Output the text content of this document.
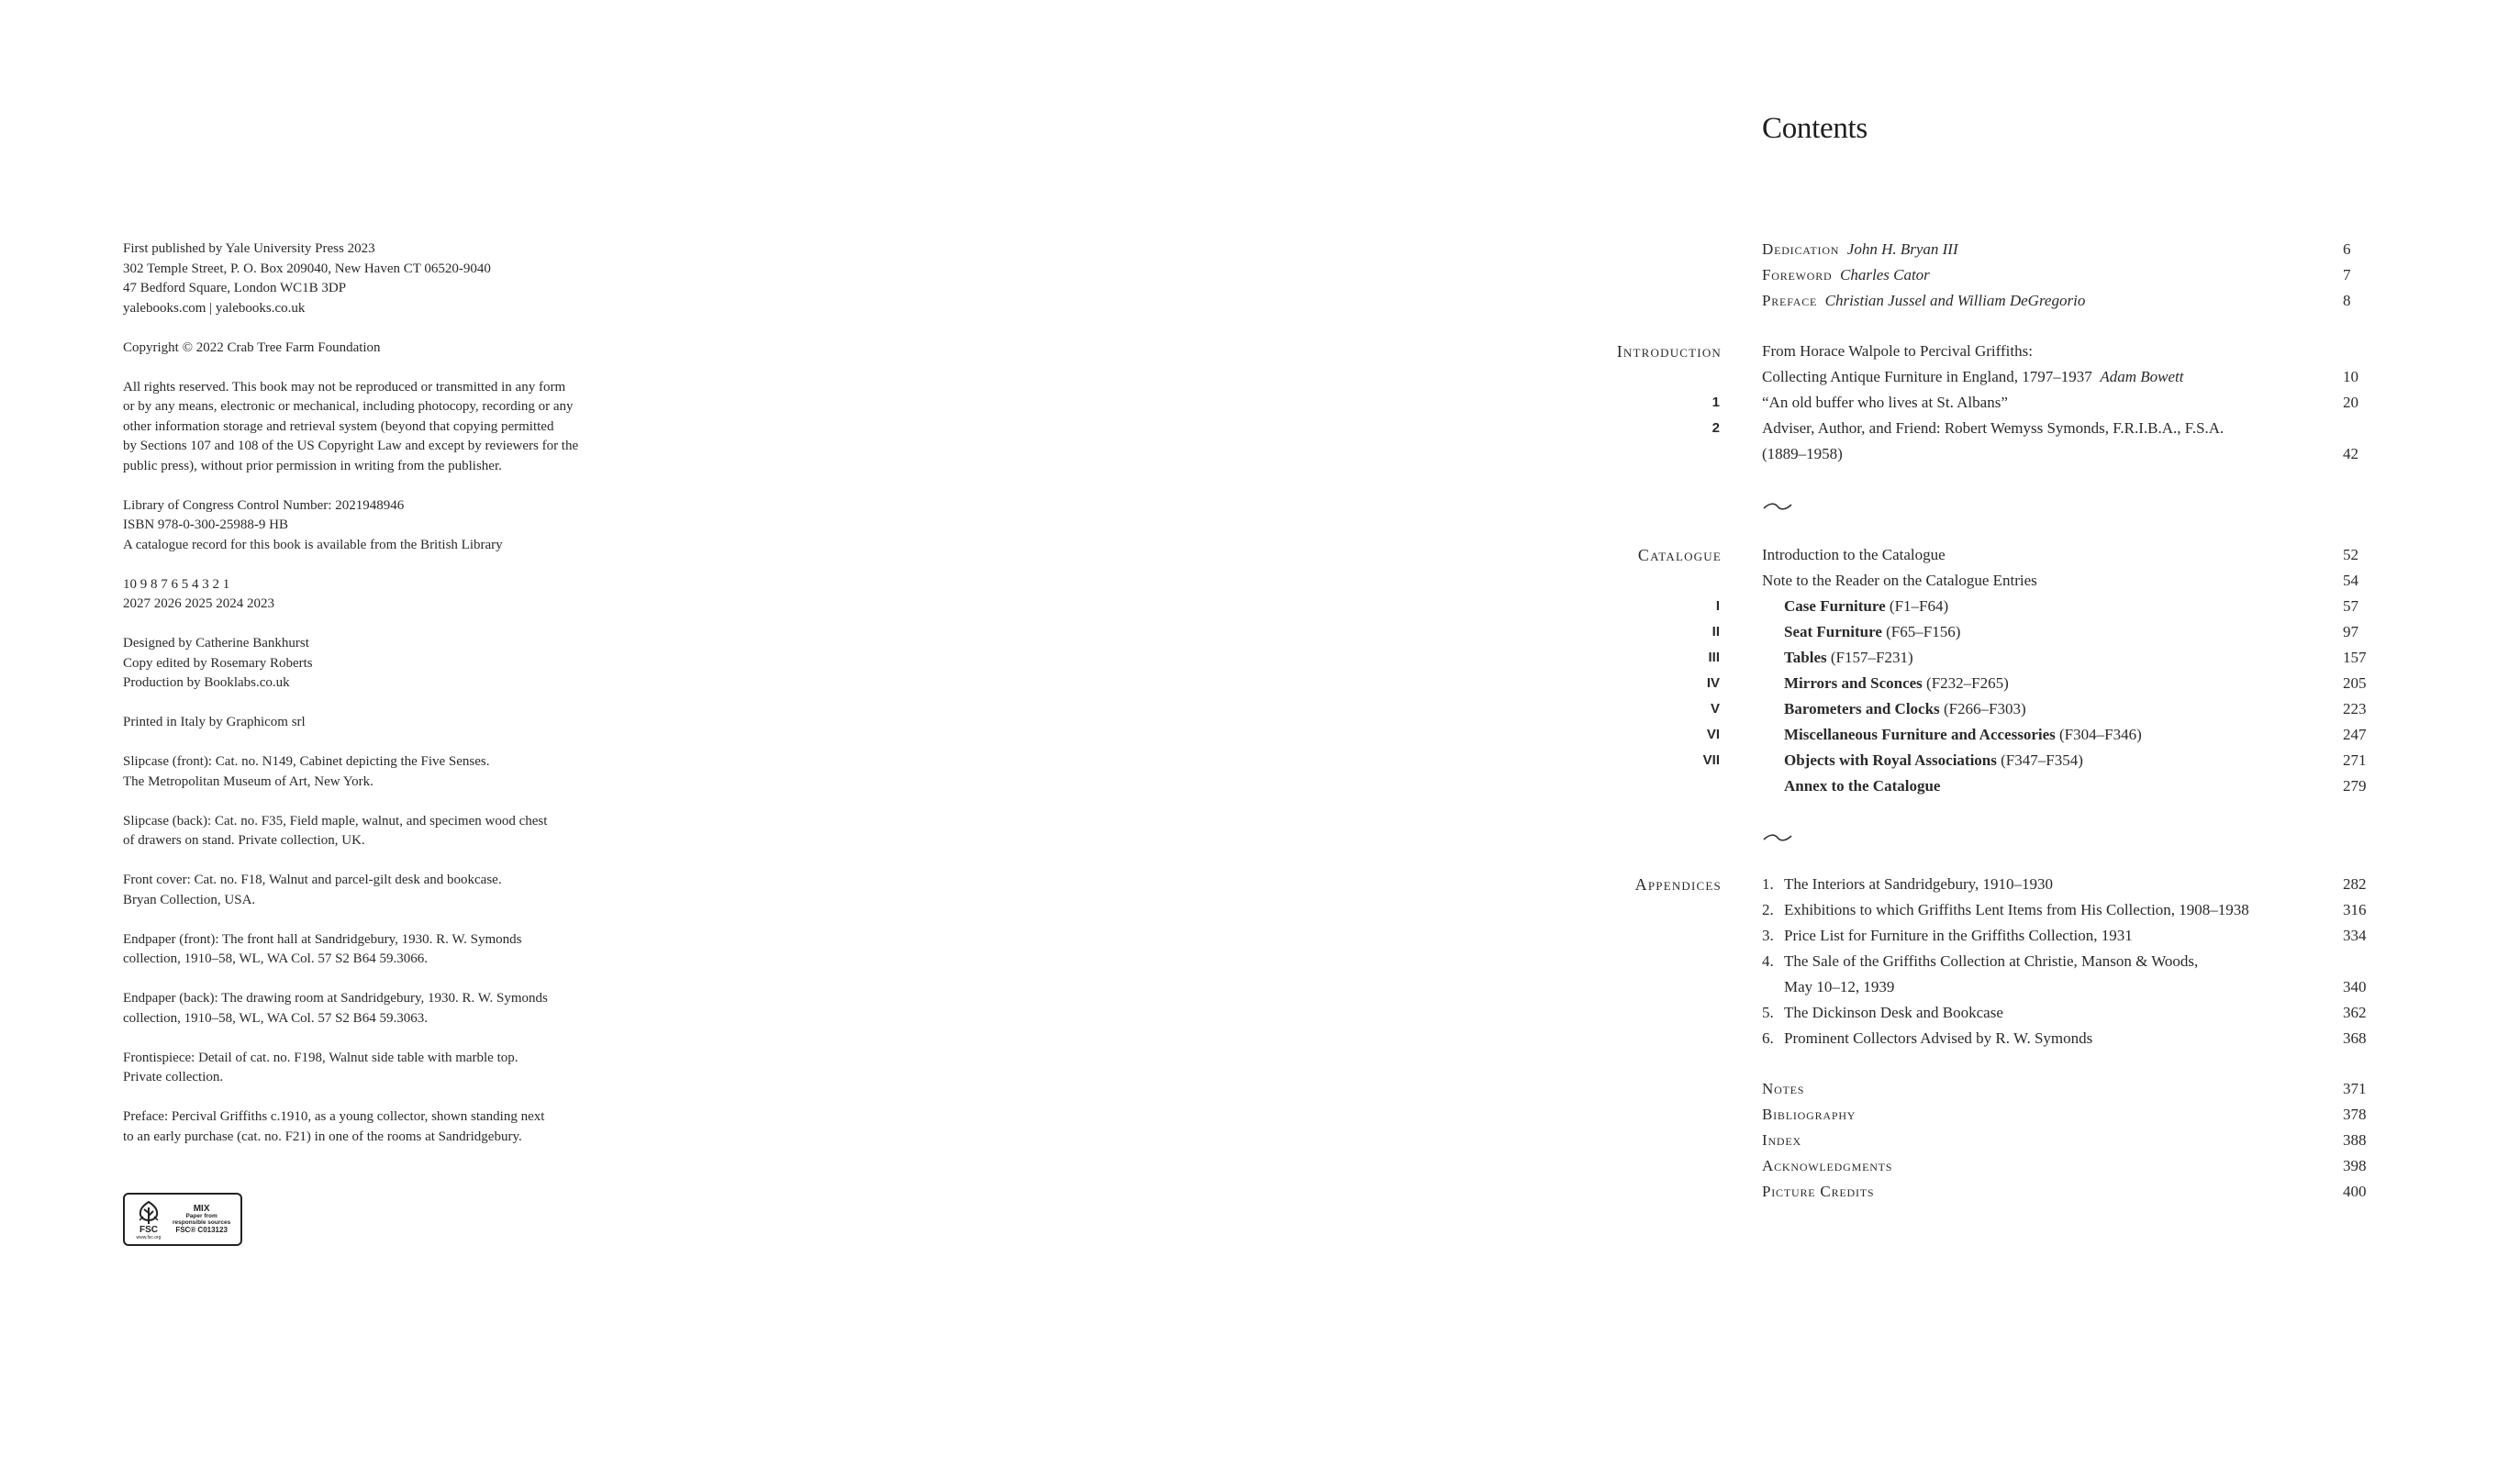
First published by Yale University Press 2023
302 Temple Street, P. O. Box 209040, New Haven CT 06520-9040
47 Bedford Square, London WC1B 3DP
yalebooks.com | yalebooks.co.uk
Copyright © 2022 Crab Tree Farm Foundation
All rights reserved. This book may not be reproduced or transmitted in any form
or by any means, electronic or mechanical, including photocopy, recording or any
other information storage and retrieval system (beyond that copying permitted
by Sections 107 and 108 of the US Copyright Law and except by reviewers for the
public press), without prior permission in writing from the publisher.
Library of Congress Control Number: 2021948946
ISBN 978-0-300-25988-9 HB
A catalogue record for this book is available from the British Library
10 9 8 7 6 5 4 3 2 1
2027 2026 2025 2024 2023
Designed by Catherine Bankhurst
Copy edited by Rosemary Roberts
Production by Booklabs.co.uk
Printed in Italy by Graphicom srl
Slipcase (front): Cat. no. N149, Cabinet depicting the Five Senses.
The Metropolitan Museum of Art, New York.
Slipcase (back): Cat. no. F35, Field maple, walnut, and specimen wood chest
of drawers on stand. Private collection, UK.
Front cover: Cat. no. F18, Walnut and parcel-gilt desk and bookcase.
Bryan Collection, USA.
Endpaper (front): The front hall at Sandridgebury, 1930. R. W. Symonds
collection, 1910–58, WL, WA Col. 57 S2 B64 59.3066.
Endpaper (back): The drawing room at Sandridgebury, 1930. R. W. Symonds
collection, 1910–58, WL, WA Col. 57 S2 B64 59.3063.
Frontispiece: Detail of cat. no. F198, Walnut side table with marble top.
Private collection.
Preface: Percival Griffiths c.1910, as a young collector, shown standing next
to an early purchase (cat. no. F21) in one of the rooms at Sandridgebury.
FSC
www.fsc.org
MIX
Paper from
responsible sources
FSC® C013123
Contents
Dedication John H. Bryan III	6
Foreword Charles Cator	7
Preface Christian Jussel and William DeGregorio	8
Introduction	From Horace Walpole to Percival Griffiths:
Collecting Antique Furniture in England, 1797–1937 Adam Bowett	10
1	“An old buffer who lives at St. Albans”	20
2	Adviser, Author, and Friend: Robert Wemyss Symonds, F.R.I.B.A., F.S.A.
(1889–1958)	42
Catalogue	Introduction to the Catalogue	52
Note to the Reader on the Catalogue Entries	54
I	Case Furniture (F1–F64)	57
II	Seat Furniture (F65–F156)	97
III	Tables (F157–F231)	157
IV	Mirrors and Sconces (F232–F265)	205
V	Barometers and Clocks (F266–F303)	223
VI	Miscellaneous Furniture and Accessories (F304–F346)	247
VII	Objects with Royal Associations (F347–F354)	271
Annex to the Catalogue	279
Appendices	1. The Interiors at Sandridgebury, 1910–1930	282
2. Exhibitions to which Griffiths Lent Items from His Collection, 1908–1938	316
3. Price List for Furniture in the Griffiths Collection, 1931	334
4. The Sale of the Griffiths Collection at Christie, Manson & Woods,
May 10–12, 1939	340
5. The Dickinson Desk and Bookcase	362
6. Prominent Collectors Advised by R. W. Symonds	368
Notes	371
Bibliography	378
Index	388
Acknowledgments	398
Picture Credits	400
